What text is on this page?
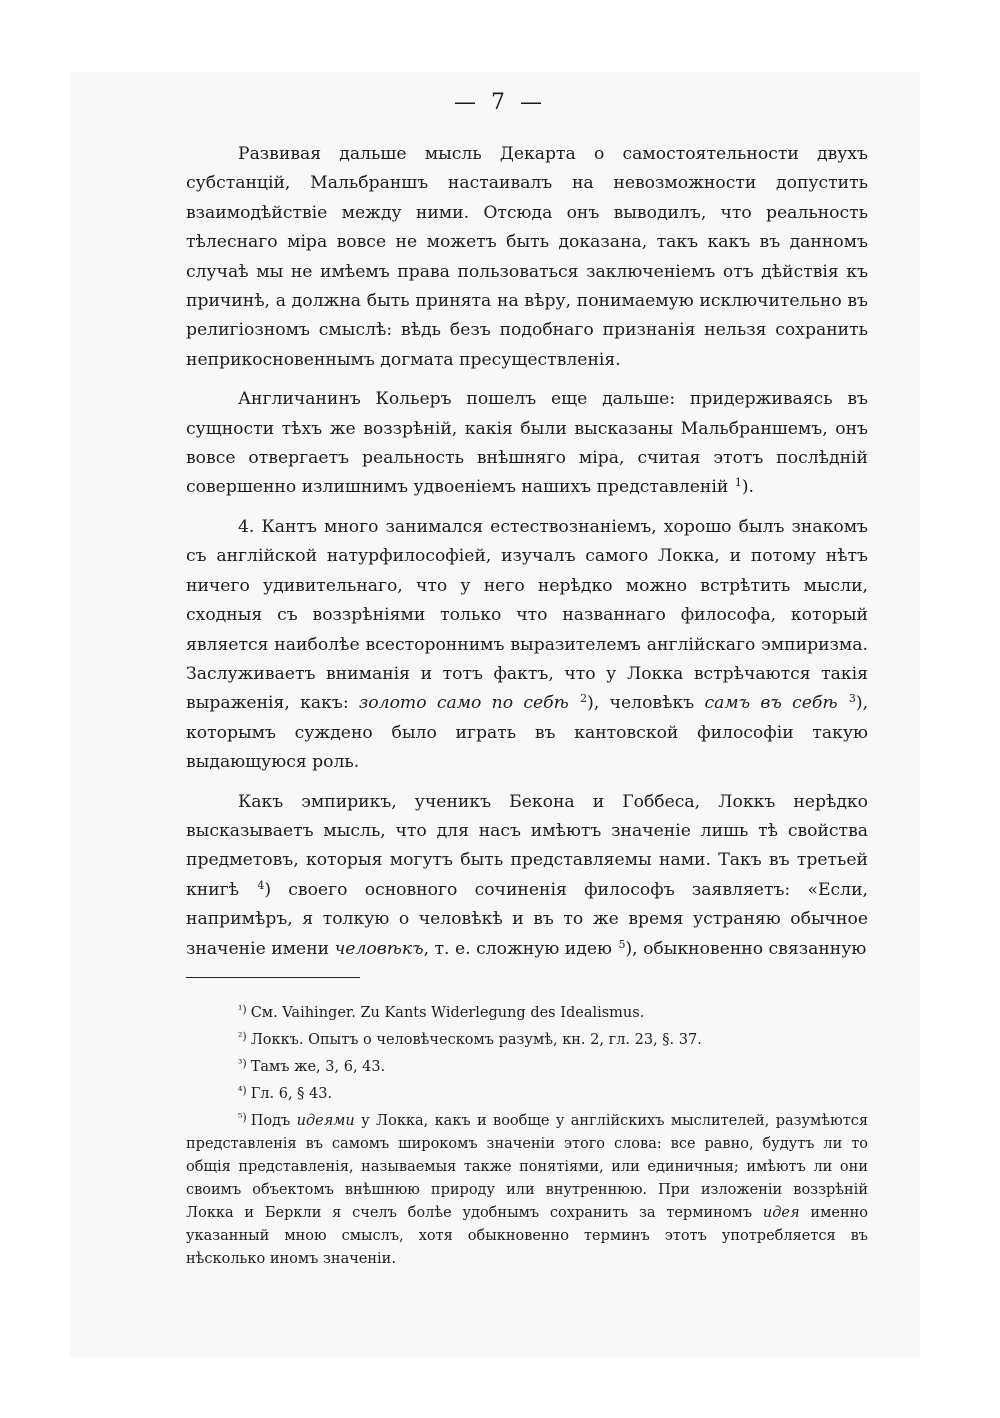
— 7 —

Развивая дальше мысль Декарта о самостоятельности двухъ субстанцій, Мальбраншъ настаивалъ на невозможности допустить взаимодѣйствіе между ними. Отсюда онъ выводилъ, что реальность тѣлеснаго міра вовсе не можетъ быть доказана, такъ какъ въ данномъ случаѣ мы не имѣемъ права пользоваться заключеніемъ отъ дѣйствія къ причинѣ, а должна быть принята на вѣру, понимаемую исключительно въ религіозномъ смыслѣ: вѣдь безъ подобнаго признанія нельзя сохранить неприкосновеннымъ догмата пресуществленія.

Англичанинъ Кольеръ пошелъ еще дальше: придерживаясь въ сущности тѣхъ же воззрѣній, какія были высказаны Мальбраншемъ, онъ вовсе отвергаетъ реальность внѣшняго міра, считая этотъ послѣдній совершенно излишнимъ удвоеніемъ нашихъ представленій $^1$).

4. Кантъ много занимался естествознаніемъ, хорошо былъ знакомъ съ англійской натурфилософіей, изучалъ самого Локка, и потому нѣтъ ничего удивительнаго, что у него нерѣдко можно встрѣтить мысли, сходныя съ воззрѣніями только что названнаго философа, который является наиболѣе всестороннимъ выразителемъ англійскаго эмпиризма. Заслуживаетъ вниманія и тотъ фактъ, что у Локка встрѣчаются такія выраженія, какъ: золото само по себѣ $^2$), человѣкъ самъ въ себѣ $^3$), которымъ суждено было играть въ кантовской философіи такую выдающуюся роль.

Какъ эмпирикъ, ученикъ Бекона и Гоббеса, Локкъ нерѣдко высказываетъ мысль, что для насъ имѣютъ значеніе лишь тѣ свойства предметовъ, которыя могутъ быть представляемы нами. Такъ въ третьей книгѣ $^4$) своего основного сочиненія философъ заявляетъ: «Если, напримѣръ, я толкую о человѣкѣ и въ то же время устраняю обычное значеніе имени человѣкъ, т. е. сложную идею $^5$), обыкновенно связанную

$^{^1)}$ См. Vaihinger. Zu Kants Widerlegung des Idealismus.

$^{^2)}$ Локкъ. Опытъ о человѣческомъ разумѣ, кн. 2, гл. 23, §. 37.

$^{^3)}$ Тамъ же, 3, 6, 43.

$^{^4)}$ Гл. 6, § 43.

$^{^5)}$ Подъ идеями у Локка, какъ и вообще у англійскихъ мыслителей, разумѣются представленія въ самомъ широкомъ значеніи этого слова: все равно, будутъ ли то общія представленія, называемыя также понятіями, или единичныя; имѣютъ ли они своимъ объектомъ внѣшнюю природу или внутреннюю. При изложеніи воззрѣній Локка и Беркли я счелъ болѣе удобнымъ сохранить за терминомъ идея именно указанный мною смыслъ, хотя обыкновенно терминъ этотъ употребляется въ нѣсколько иномъ значеніи.
